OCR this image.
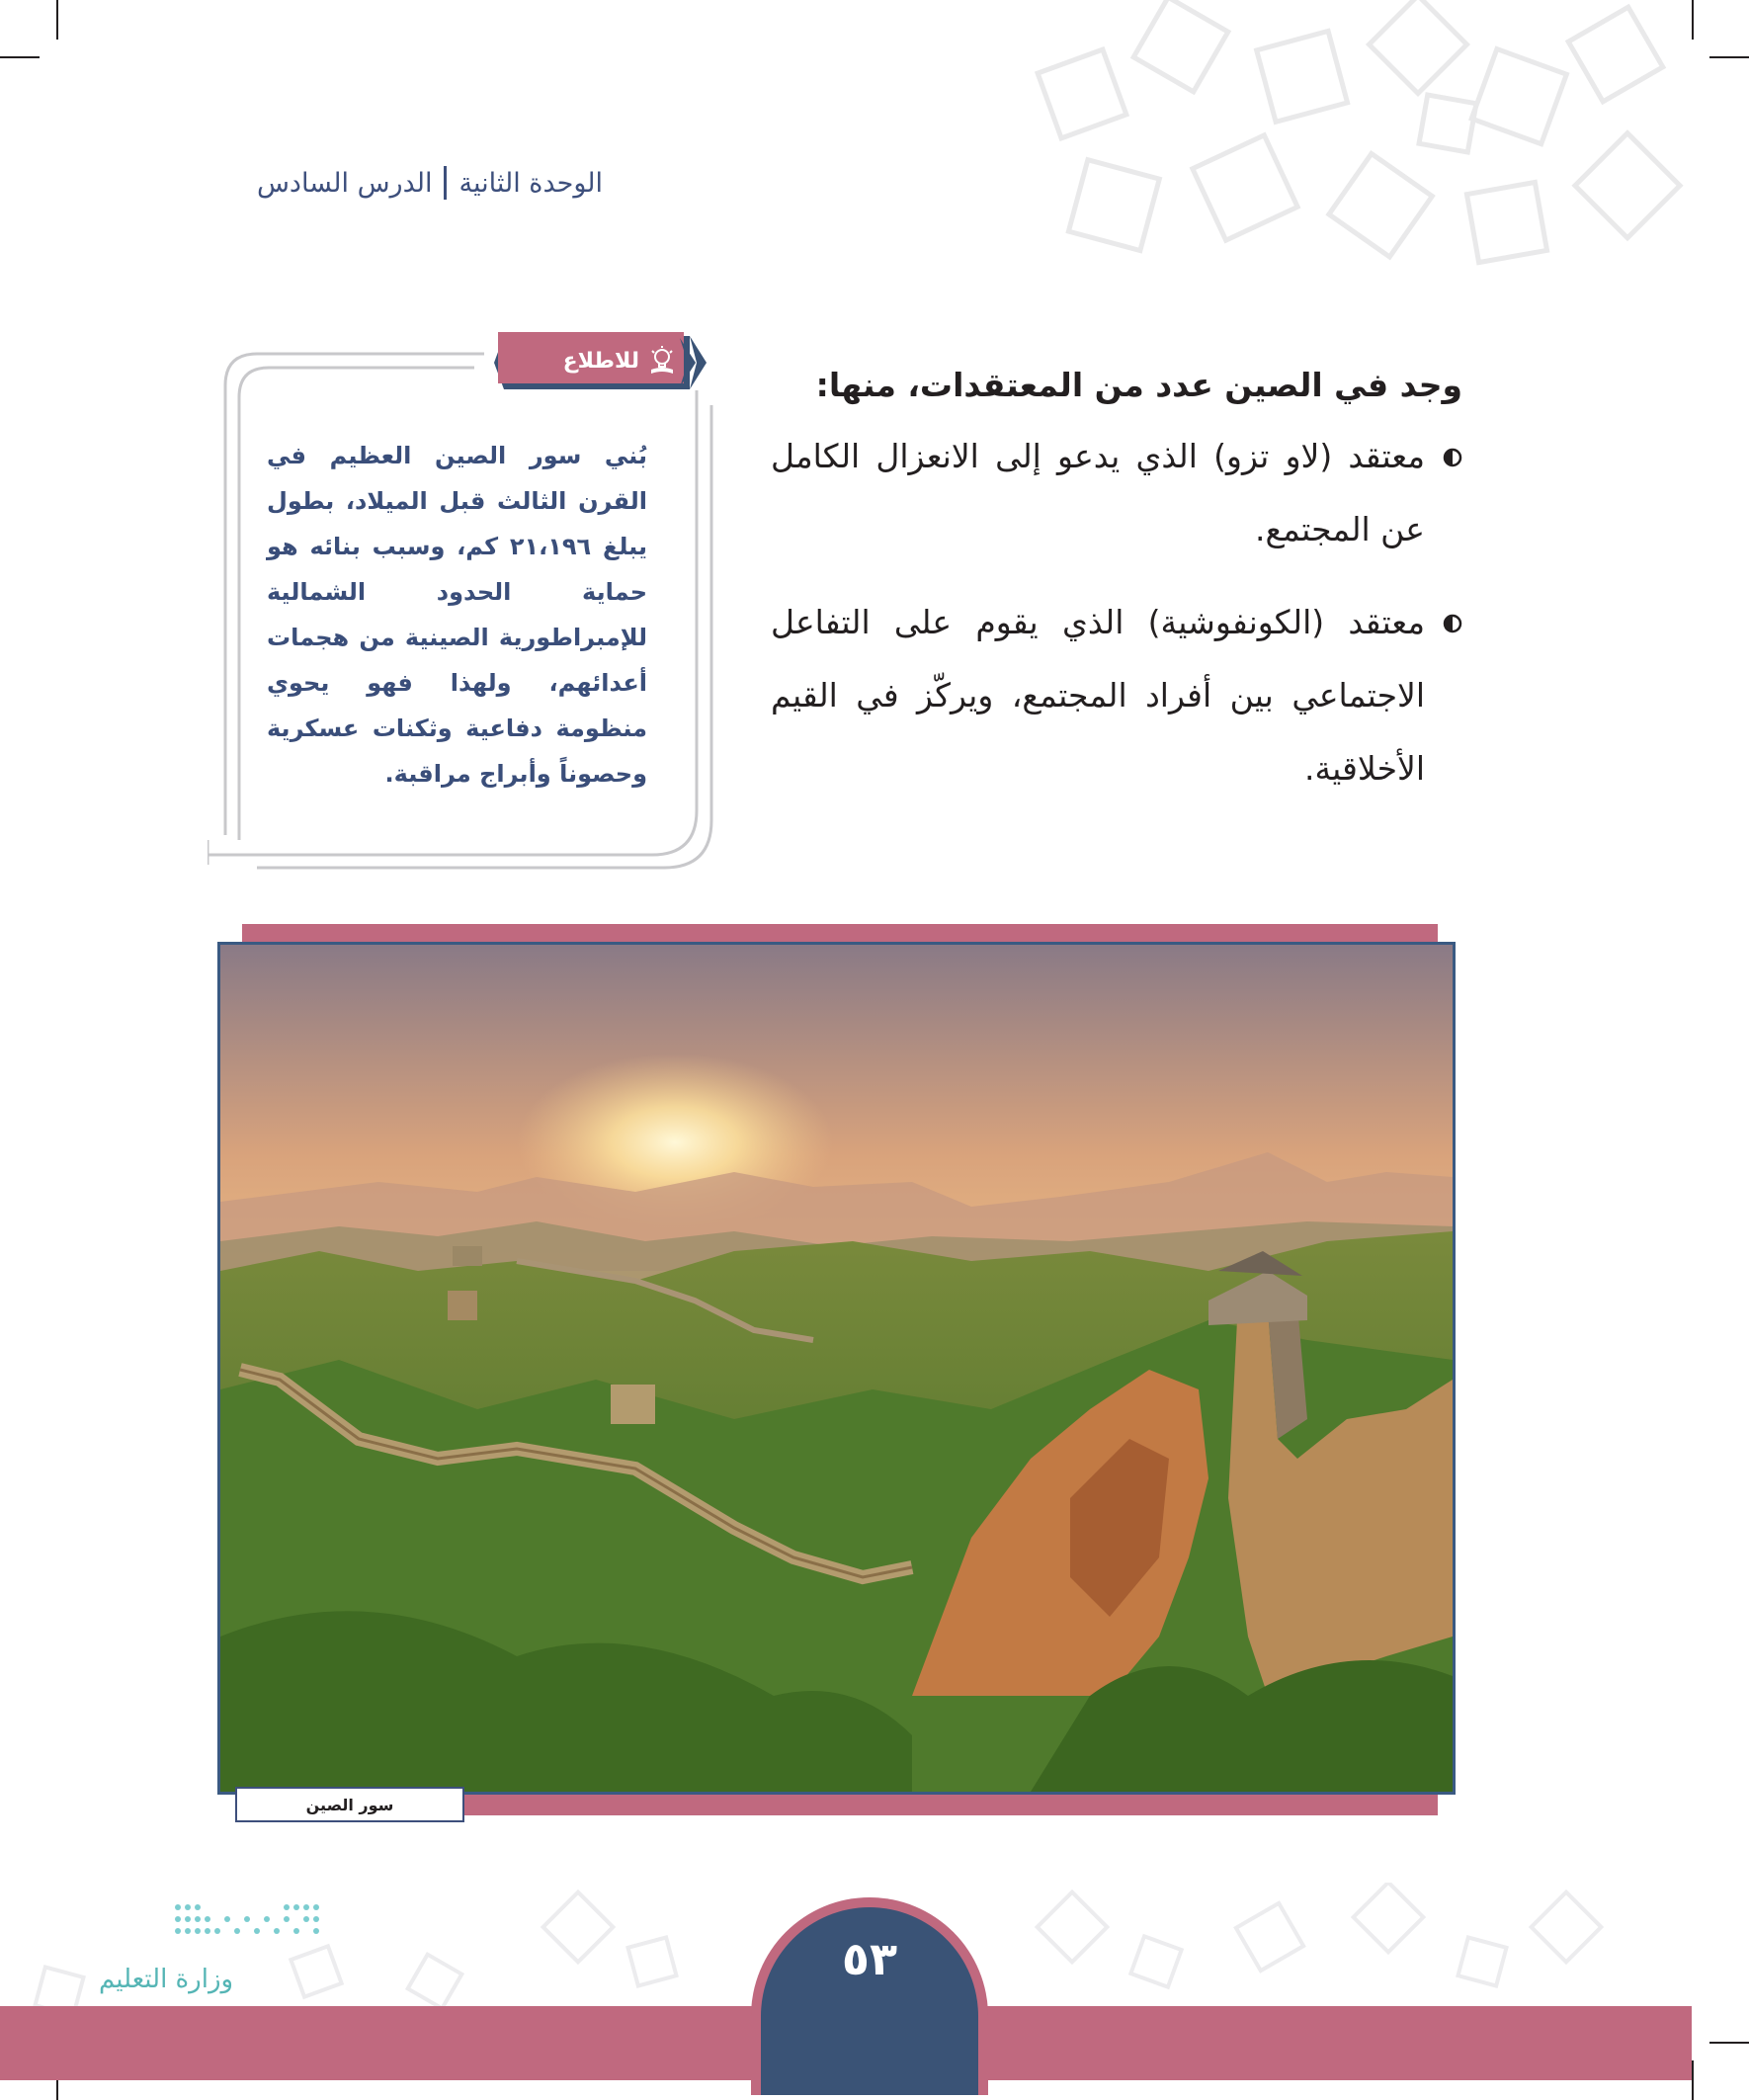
الوحدة الثانية
الدرس السادس

وجد في الصين عدد من المعتقدات، منها:

معتقد (لاو تزو) الذي يدعو إلى الانعزال الكامل عن المجتمع.

معتقد (الكونفوشية) الذي يقوم على التفاعل الاجتماعي بين أفراد المجتمع، ويركّز في القيم الأخلاقية.

للاطلاع
بُني سور الصين العظيم في القرن الثالث قبل الميلاد، بطول يبلغ ٢١،١٩٦ كم، وسبب بنائه هو حماية الحدود الشمالية للإمبراطورية الصينية من هجمات أعدائهم، ولهذا فهو يحوي منظومة دفاعية وثكنات عسكرية وحصوناً وأبراج مراقبة.
سور الصين
وزارة التعليم	٥٣
